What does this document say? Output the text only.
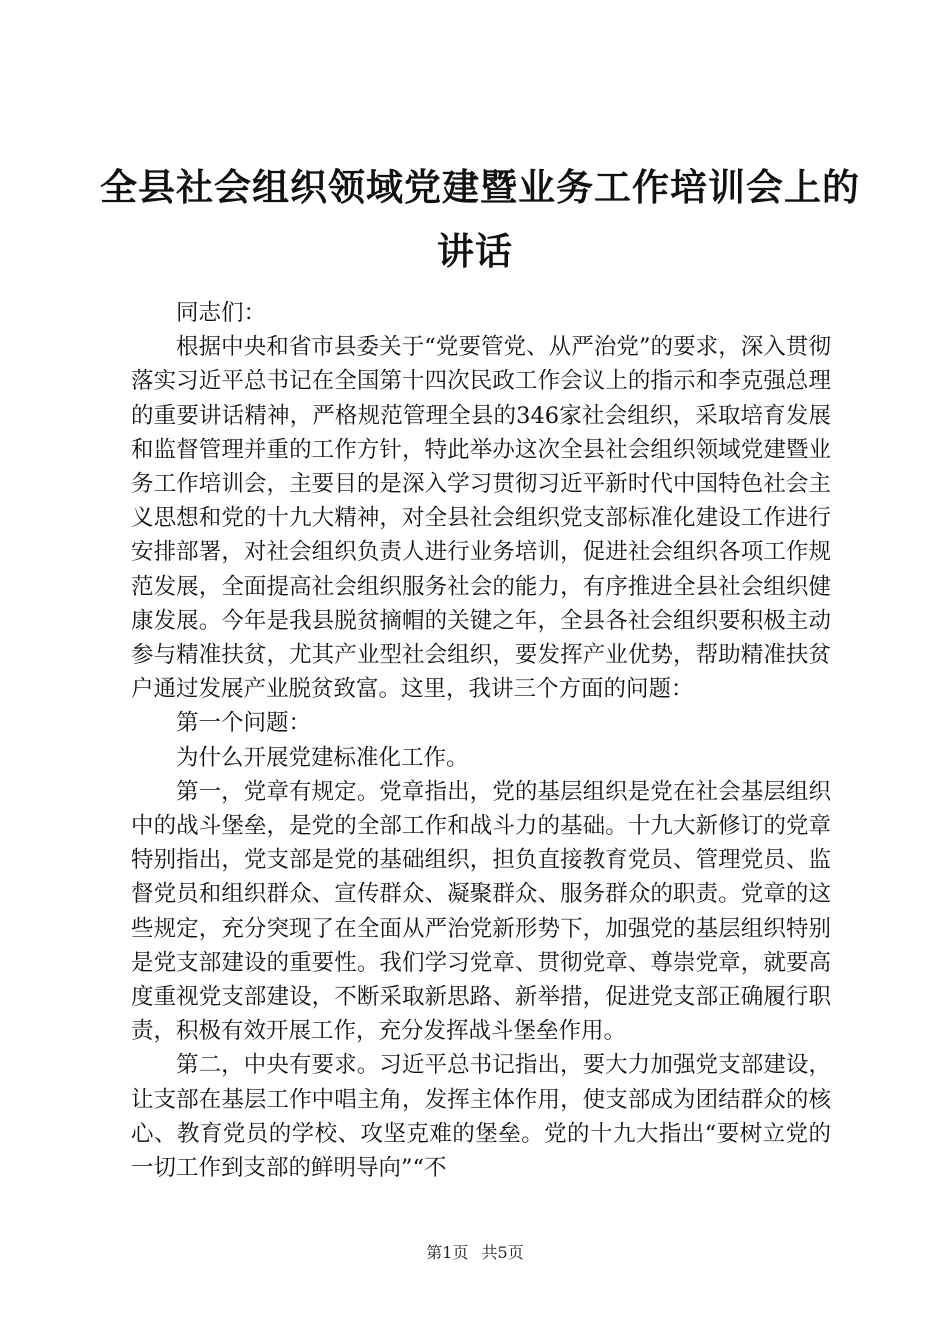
全县社会组织领域党建暨业务工作培训会上的
讲话

同志们：

根据中央和省市县委关于“党要管党、从严治党”的要求，深入贯彻落实习近平总书记在全国第十四次民政工作会议上的指示和李克强总理的重要讲话精神，严格规范管理全县的346家社会组织，采取培育发展和监督管理并重的工作方针，特此举办这次全县社会组织领域党建暨业务工作培训会，主要目的是深入学习贯彻习近平新时代中国特色社会主义思想和党的十九大精神，对全县社会组织党支部标准化建设工作进行安排部署，对社会组织负责人进行业务培训，促进社会组织各项工作规范发展，全面提高社会组织服务社会的能力，有序推进全县社会组织健康发展。今年是我县脱贫摘帽的关键之年，全县各社会组织要积极主动参与精准扶贫，尤其产业型社会组织，要发挥产业优势，帮助精准扶贫户通过发展产业脱贫致富。这里，我讲三个方面的问题：

第一个问题：

为什么开展党建标准化工作。

第一，党章有规定。党章指出，党的基层组织是党在社会基层组织中的战斗堡垒，是党的全部工作和战斗力的基础。十九大新修订的党章特别指出，党支部是党的基础组织，担负直接教育党员、管理党员、监督党员和组织群众、宣传群众、凝聚群众、服务群众的职责。党章的这些规定，充分突现了在全面从严治党新形势下，加强党的基层组织特别是党支部建设的重要性。我们学习党章、贯彻党章、尊崇党章，就要高度重视党支部建设，不断采取新思路、新举措，促进党支部正确履行职责，积极有效开展工作，充分发挥战斗堡垒作用。

第二，中央有要求。习近平总书记指出，要大力加强党支部建设，让支部在基层工作中唱主角，发挥主体作用，使支部成为团结群众的核心、教育党员的学校、攻坚克难的堡垒。党的十九大指出“要树立党的一切工作到支部的鲜明导向”“不

第1页 共5页
